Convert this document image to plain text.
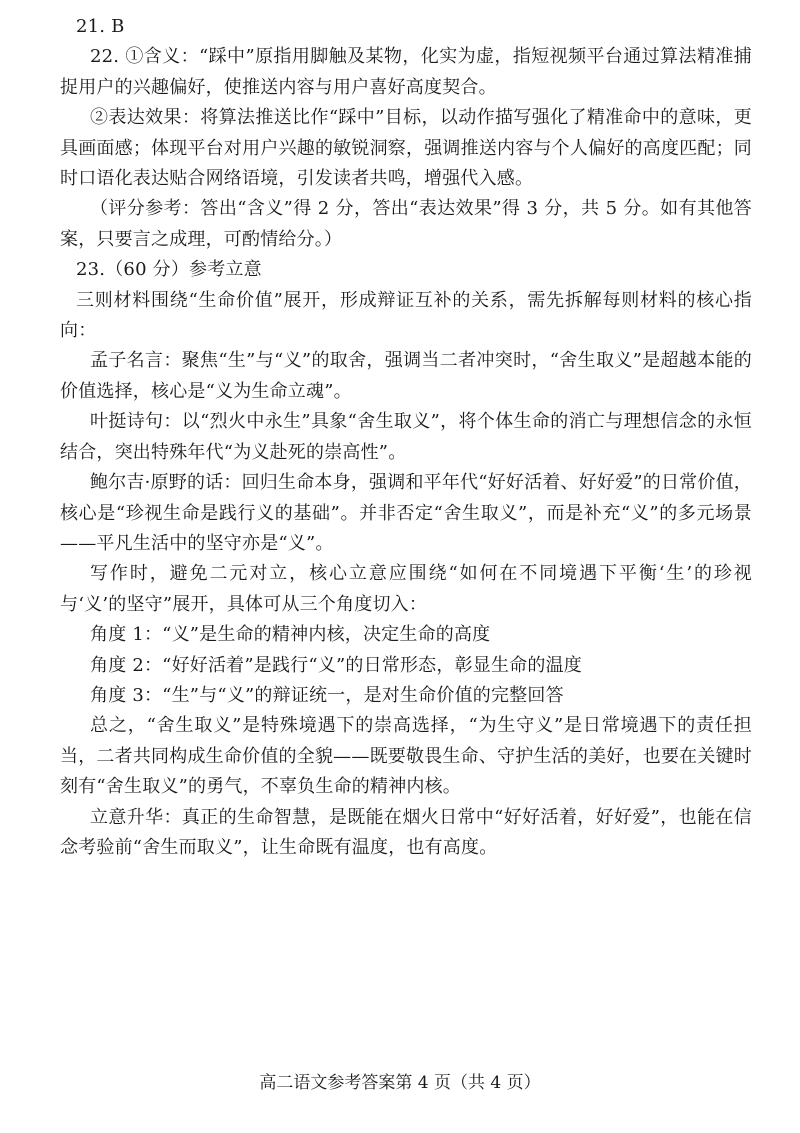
21. B

22. ①含义：“踩中”原指用脚触及某物，化实为虚，指短视频平台通过算法精准捕捉用户的兴趣偏好，使推送内容与用户喜好高度契合。

②表达效果：将算法推送比作“踩中”目标，以动作描写强化了精准命中的意味，更具画面感；体现平台对用户兴趣的敏锐洞察，强调推送内容与个人偏好的高度匹配；同时口语化表达贴合网络语境，引发读者共鸣，增强代入感。

（评分参考：答出“含义”得 2 分，答出“表达效果”得 3 分，共 5 分。如有其他答案，只要言之成理，可酌情给分。）

23.（60 分）参考立意

三则材料围绕“生命价值”展开，形成辩证互补的关系，需先拆解每则材料的核心指向：

孟子名言：聚焦“生”与“义”的取舍，强调当二者冲突时，“舍生取义”是超越本能的价值选择，核心是“义为生命立魂”。

叶挺诗句：以“烈火中永生”具象“舍生取义”，将个体生命的消亡与理想信念的永恒结合，突出特殊年代“为义赴死的崇高性”。

鲍尔吉·原野的话：回归生命本身，强调和平年代“好好活着、好好爱”的日常价值，核心是“珍视生命是践行义的基础”。并非否定“舍生取义”，而是补充“义”的多元场景——平凡生活中的坚守亦是“义”。

写作时，避免二元对立，核心立意应围绕“如何在不同境遇下平衡‘生’的珍视与‘义’的坚守”展开，具体可从三个角度切入：

角度 1：“义”是生命的精神内核，决定生命的高度

角度 2：“好好活着”是践行“义”的日常形态，彰显生命的温度

角度 3：“生”与“义”的辩证统一，是对生命价值的完整回答

总之，“舍生取义”是特殊境遇下的崇高选择，“为生守义”是日常境遇下的责任担当，二者共同构成生命价值的全貌——既要敬畏生命、守护生活的美好，也要在关键时刻有“舍生取义”的勇气，不辜负生命的精神内核。

立意升华：真正的生命智慧，是既能在烟火日常中“好好活着，好好爱”，也能在信念考验前“舍生而取义”，让生命既有温度，也有高度。

高二语文参考答案第 4 页（共 4 页）
